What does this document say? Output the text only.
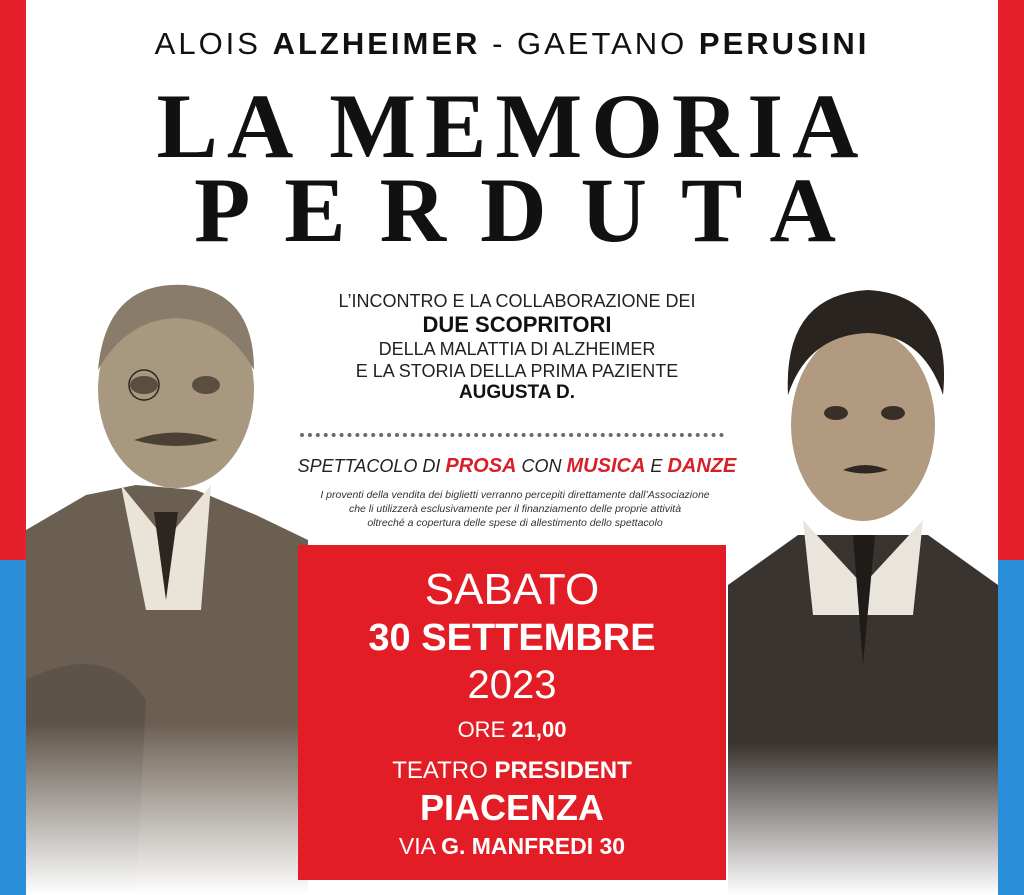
ALOIS ALZHEIMER - GAETANO PERUSINI
LA MEMORIA
PERDUTA
L’INCONTRO E LA COLLABORAZIONE DEI
DUE SCOPRITORI
DELLA MALATTIA DI ALZHEIMER
E LA STORIA DELLA PRIMA PAZIENTE
AUGUSTA D.
SPETTACOLO DI PROSA CON MUSICA E DANZE
I proventi della vendita dei biglietti verranno percepiti direttamente dall’Associazione
che li utilizzerà esclusivamente per il finanziamento delle proprie attività
oltreché a copertura delle spese di allestimento dello spettacolo
SABATO
30 SETTEMBRE
2023
ORE 21,00
TEATRO PRESIDENT
PIACENZA
VIA G. MANFREDI 30
